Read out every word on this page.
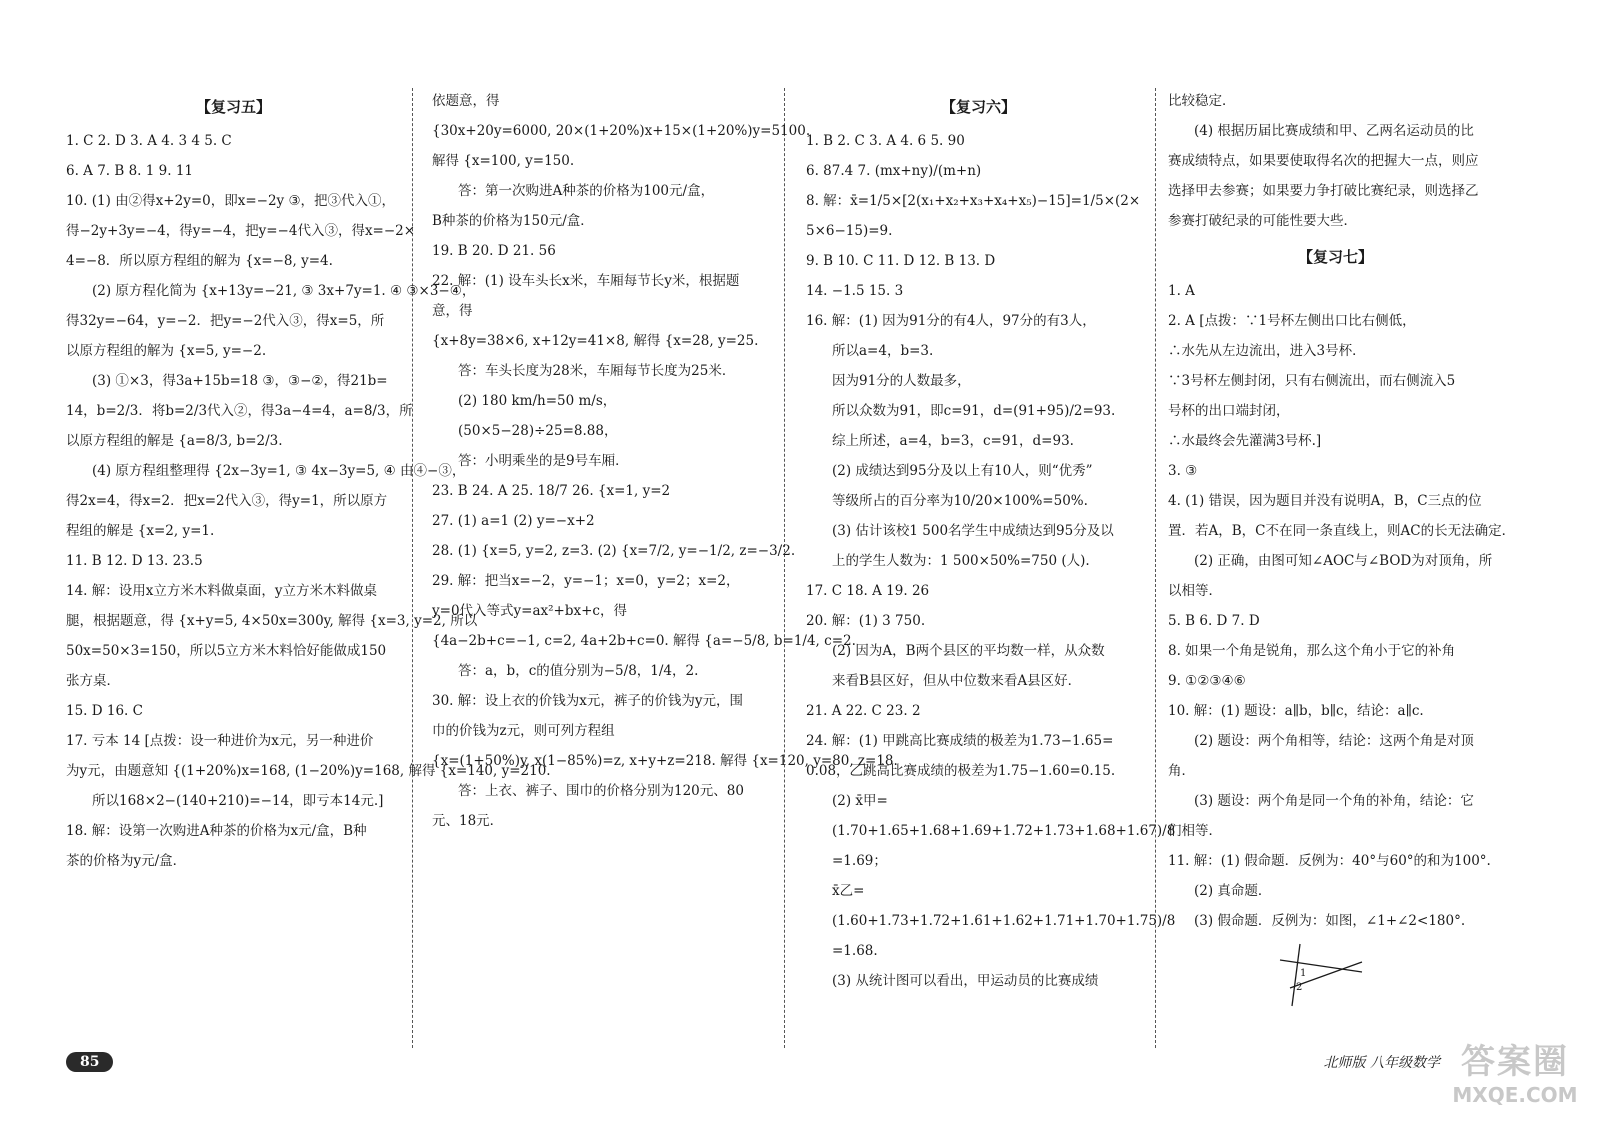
【复习五】
1. C 2. D 3. A 4. 3 4 5. C
6. A 7. B 8. 1 9. 11
10. (1) 由②得x+2y=0，即x=−2y ③，把③代入①，
得−2y+3y=−4，得y=−4，把y=−4代入③，得x=−2×
4=−8．所以原方程组的解为 {x=−8, y=4.
(2) 原方程化简为 {x+13y=−21, ③ 3x+7y=1. ④ ③×3−④，
得32y=−64，y=−2．把y=−2代入③，得x=5，所
以原方程组的解为 {x=5, y=−2.
(3) ①×3，得3a+15b=18 ③，③−②，得21b=
14，b=2/3．将b=2/3代入②，得3a−4=4，a=8/3，所
以原方程组的解是 {a=8/3, b=2/3.
(4) 原方程组整理得 {2x−3y=1, ③ 4x−3y=5, ④ 由④−③，
得2x=4，得x=2．把x=2代入③，得y=1，所以原方
程组的解是 {x=2, y=1.
11. B 12. D 13. 23.5
14. 解：设用x立方米木料做桌面，y立方米木料做桌
腿，根据题意，得 {x+y=5, 4×50x=300y, 解得 {x=3, y=2, 所以
50x=50×3=150，所以5立方米木料恰好能做成150
张方桌．
15. D 16. C
17. 亏本 14 [点拨：设一种进价为x元，另一种进价
为y元，由题意知 {(1+20%)x=168, (1−20%)y=168, 解得 {x=140, y=210.
所以168×2−(140+210)=−14，即亏本14元.]
18. 解：设第一次购进A种茶的价格为x元/盒，B种
茶的价格为y元/盒．
依题意，得
{30x+20y=6000, 20×(1+20%)x+15×(1+20%)y=5100.
解得 {x=100, y=150.
答：第一次购进A种茶的价格为100元/盒，
B种茶的价格为150元/盒．
19. B 20. D 21. 56
22. 解：(1) 设车头长x米，车厢每节长y米，根据题
意，得
{x+8y=38×6, x+12y=41×8, 解得 {x=28, y=25.
答：车头长度为28米，车厢每节长度为25米．
(2) 180 km/h=50 m/s，
(50×5−28)÷25=8.88，
答：小明乘坐的是9号车厢．
23. B 24. A 25. 18/7 26. {x=1, y=2
27. (1) a=1 (2) y=−x+2
28. (1) {x=5, y=2, z=3. (2) {x=7/2, y=−1/2, z=−3/2.
29. 解：把当x=−2，y=−1；x=0，y=2；x=2，
y=0代入等式y=ax²+bx+c，得
{4a−2b+c=−1, c=2, 4a+2b+c=0. 解得 {a=−5/8, b=1/4, c=2.
答：a，b，c的值分别为−5/8，1/4，2.
30. 解：设上衣的价钱为x元，裤子的价钱为y元，围
巾的价钱为z元，则可列方程组
{x=(1+50%)y, x(1−85%)=z, x+y+z=218. 解得 {x=120, y=80, z=18.
答：上衣、裤子、围巾的价格分别为120元、80
元、18元．
【复习六】
1. B 2. C 3. A 4. 6 5. 90
6. 87.4 7. (mx+ny)/(m+n)
8. 解：x̄=1/5×[2(x₁+x₂+x₃+x₄+x₅)−15]=1/5×(2×
5×6−15)=9.
9. B 10. C 11. D 12. B 13. D
14. −1.5 15. 3
16. 解：(1) 因为91分的有4人，97分的有3人，
所以a=4，b=3.
因为91分的人数最多，
所以众数为91，即c=91，d=(91+95)/2=93.
综上所述，a=4，b=3，c=91，d=93.
(2) 成绩达到95分及以上有10人，则“优秀”
等级所占的百分率为10/20×100%=50%.
(3) 估计该校1 500名学生中成绩达到95分及以
上的学生人数为：1 500×50%=750 (人).
17. C 18. A 19. 26
20. 解：(1) 3 750.
(2) 因为A，B两个县区的平均数一样，从众数
来看B县区好，但从中位数来看A县区好．
21. A 22. C 23. 2
24. 解：(1) 甲跳高比赛成绩的极差为1.73−1.65=
0.08，乙跳高比赛成绩的极差为1.75−1.60=0.15.
(2) x̄甲=
(1.70+1.65+1.68+1.69+1.72+1.73+1.68+1.67)/8
=1.69；
x̄乙=
(1.60+1.73+1.72+1.61+1.62+1.71+1.70+1.75)/8
=1.68.
(3) 从统计图可以看出，甲运动员的比赛成绩
比较稳定．
(4) 根据历届比赛成绩和甲、乙两名运动员的比
赛成绩特点，如果要使取得名次的把握大一点，则应
选择甲去参赛；如果要力争打破比赛纪录，则选择乙
参赛打破纪录的可能性要大些．
【复习七】
1. A
2. A [点拨：∵1号杯左侧出口比右侧低，
∴水先从左边流出，进入3号杯．
∵3号杯左侧封闭，只有右侧流出，而右侧流入5
号杯的出口端封闭，
∴水最终会先灌满3号杯.]
3. ③
4. (1) 错误，因为题目并没有说明A，B，C三点的位
置．若A，B，C不在同一条直线上，则AC的长无法确定．
(2) 正确，由图可知∠AOC与∠BOD为对顶角，所
以相等．
5. B 6. D 7. D
8. 如果一个角是锐角，那么这个角小于它的补角
9. ①②③④⑥
10. 解：(1) 题设：a∥b，b∥c，结论：a∥c.
(2) 题设：两个角相等，结论：这两个角是对顶
角．
(3) 题设：两个角是同一个角的补角，结论：它
们相等．
11. 解：(1) 假命题．反例为：40°与60°的和为100°.
(2) 真命题．
(3) 假命题．反例为：如图，∠1+∠2<180°.
1
2
85	北师版 八年级数学 答案圈
MXQE.COM
